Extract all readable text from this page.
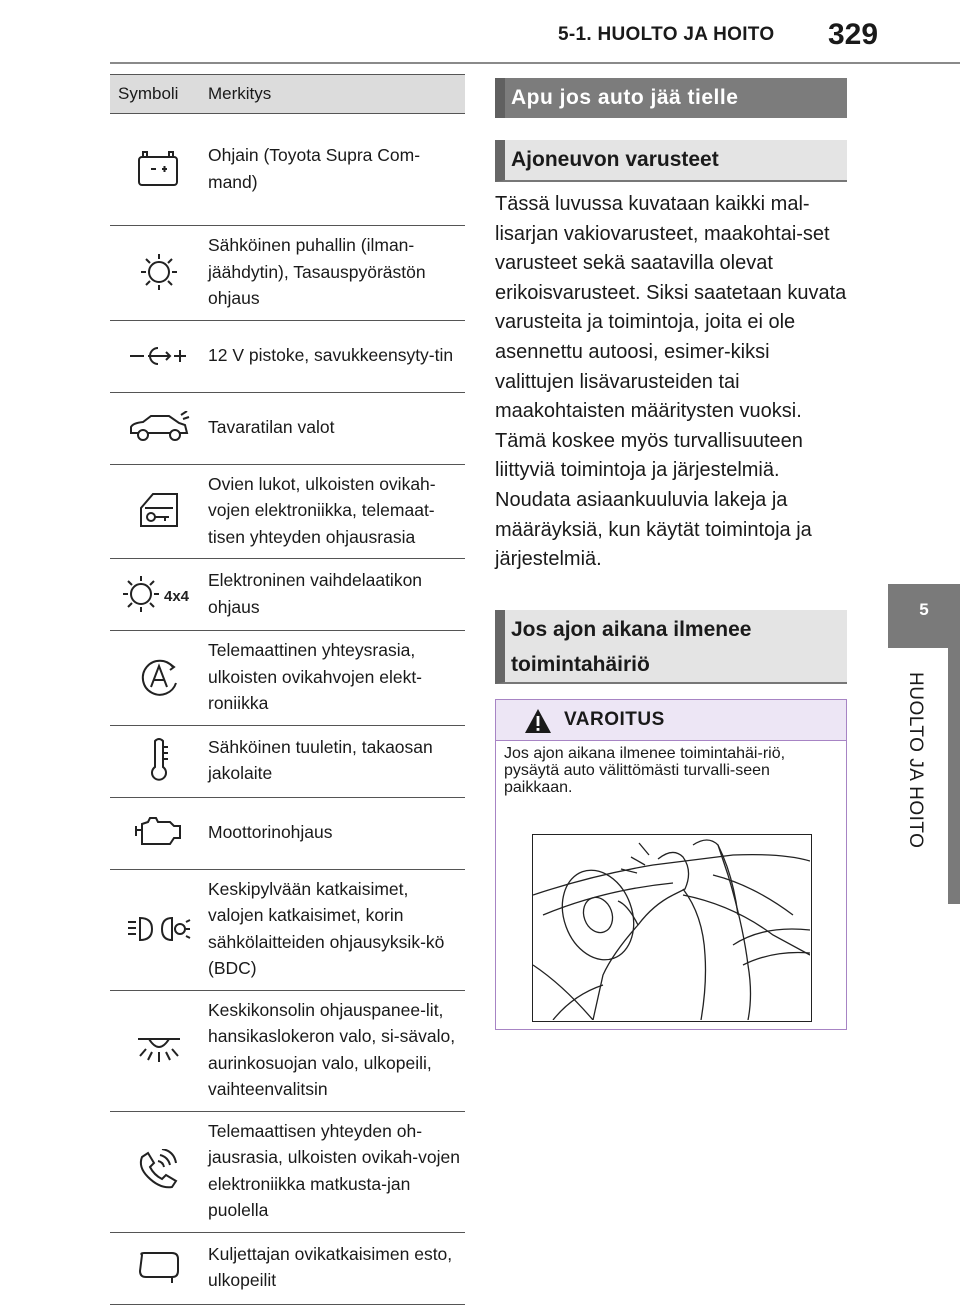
5-1. HUOLTO JA HOITO 329
5
HUOLTO JA HOITO
Symboli	Merkitys
	Ohjain (Toyota Supra Com-mand)
	Sähköinen puhallin (ilman-jäähdytin), Tasauspyörästön ohjaus
	12 V pistoke, savukkeensyty-tin
	Tavaratilan valot
	Ovien lukot, ulkoisten ovikah-vojen elektroniikka, telemaat-tisen yhteyden ohjausrasia

4x4	Elektroninen vaihdelaatikon ohjaus
	Telemaattinen yhteysrasia, ulkoisten ovikahvojen elekt-roniikka
	Sähköinen tuuletin, takaosan jakolaite
	Moottorinohjaus
	Keskipylvään katkaisimet, valojen katkaisimet, korin sähkölaitteiden ohjausyksik-kö (BDC)
	Keskikonsolin ohjauspanee-lit, hansikaslokeron valo, si-sävalo, aurinkosuojan valo, ulkopeili, vaihteenvalitsin
	Telemaattisen yhteyden oh-jausrasia, ulkoisten ovikah-vojen elektroniikka matkusta-jan puolella
	Kuljettajan ovikatkaisimen esto, ulkopeilit
Apu jos auto jää tielle
Ajoneuvon varusteet

Tässä luvussa kuvataan kaikki mal-lisarjan vakiovarusteet, maakohtai-set varusteet sekä saatavilla olevat erikoisvarusteet. Siksi saatetaan kuvata varusteita ja toimintoja, joita ei ole asennettu autoosi, esimer-kiksi valittujen lisävarusteiden tai maakohtaisten määritysten vuoksi. Tämä koskee myös turvallisuuteen liittyviä toimintoja ja järjestelmiä. Noudata asiaankuuluvia lakeja ja määräyksiä, kun käytät toimintoja ja järjestelmiä.

Jos ajon aikana ilmenee
toimintahäiriö
VAROITUS

Jos ajon aikana ilmenee toimintahäi-riö, pysäytä auto välittömästi turvalli-seen paikkaan.
